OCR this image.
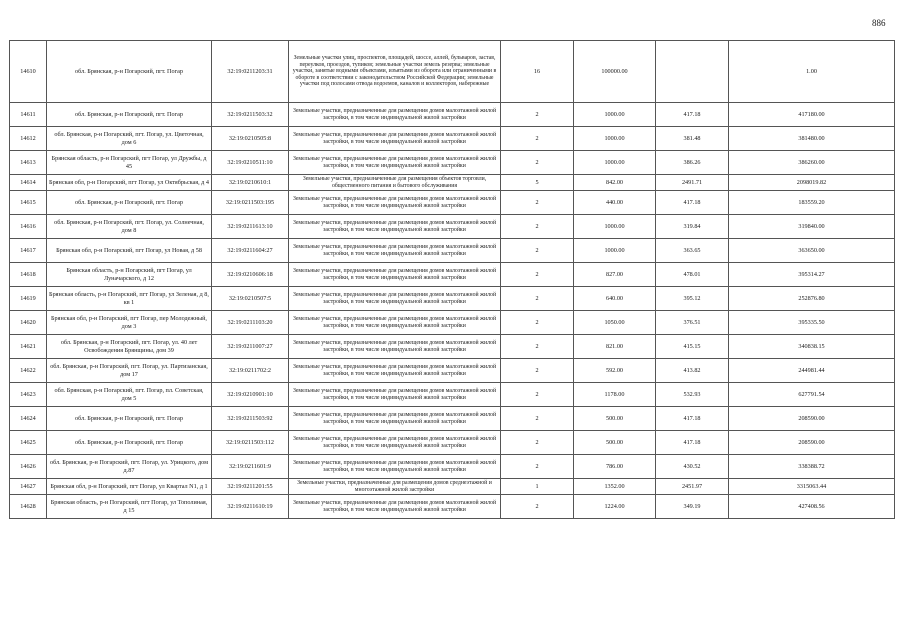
886
14610	обл. Брянская, р-н Погарский, пгт. Погар	32:19:0211203:31	Земельные участки улиц, проспектов, площадей, шоссе, аллей, бульваров, застав, переулков, проездов, тупиков; земельные участки земель резерва; земельные участки, занятые водными объектами, изъятыми из оборота или ограниченными в обороте в соответствии с законодательством Российской Федерации; земельные участки под полосами отвода водоемов, каналов и коллекторов, набережные	16	100000.00		1.00
14611	обл. Брянская, р-н Погарский, пгт. Погар	32:19:0211503:32	Земельные участки, предназначенные для размещения домов малоэтажной жилой застройки, в том числе индивидуальной жилой застройки	2	1000.00	417.18	417180.00
14612	обл. Брянская, р-н Погарский, пгт. Погар, ул. Цветочная, дом 6	32:19:0210505:8	Земельные участки, предназначенные для размещения домов малоэтажной жилой застройки, в том числе индивидуальной жилой застройки	2	1000.00	381.48	381480.00
14613	Брянская область, р-н Погарский, пгт Погар, ул Дружбы, д 45	32:19:0210511:10	Земельные участки, предназначенные для размещения домов малоэтажной жилой застройки, в том числе индивидуальной жилой застройки	2	1000.00	386.26	386260.00
14614	Брянская обл, р-н Погарский, пгт Погар, ул Октябрьская, д 4	32:19:0210610:1	Земельные участки, предназначенные для размещения объектов торговли, общественного питания и бытового обслуживания	5	842.00	2491.71	2098019.82
14615	обл. Брянская, р-н Погарский, пгт. Погар	32:19:0211503:195	Земельные участки, предназначенные для размещения домов малоэтажной жилой застройки, в том числе индивидуальной жилой застройки	2	440.00	417.18	183559.20
14616	обл. Брянская, р-н Погарский, пгт. Погар, ул. Солнечная, дом 8	32:19:0211613:10	Земельные участки, предназначенные для размещения домов малоэтажной жилой застройки, в том числе индивидуальной жилой застройки	2	1000.00	319.84	319840.00
14617	Брянская обл, р-н Погарский, пгт Погар, ул Новая, д 58	32:19:0211604:27	Земельные участки, предназначенные для размещения домов малоэтажной жилой застройки, в том числе индивидуальной жилой застройки	2	1000.00	363.65	363650.00
14618	Брянская область, р-н Погарский, пгт Погар, ул Луначарского, д 12	32:19:0210606:18	Земельные участки, предназначенные для размещения домов малоэтажной жилой застройки, в том числе индивидуальной жилой застройки	2	827.00	478.01	395314.27
14619	Брянская область, р-н Погарский, пгт Погар, ул Зеленая, д 8, кв 1	32:19:0210507:5	Земельные участки, предназначенные для размещения домов малоэтажной жилой застройки, в том числе индивидуальной жилой застройки	2	640.00	395.12	252876.80
14620	Брянская обл, р-н Погарский, пгт Погар, пер Молодежный, дом 3	32:19:0211103:20	Земельные участки, предназначенные для размещения домов малоэтажной жилой застройки, в том числе индивидуальной жилой застройки	2	1050.00	376.51	395335.50
14621	обл. Брянская, р-н Погарский, пгт. Погар, ул. 40 лет Освобождения Брянщины, дом 39	32:19:0211007:27	Земельные участки, предназначенные для размещения домов малоэтажной жилой застройки, в том числе индивидуальной жилой застройки	2	821.00	415.15	340838.15
14622	обл. Брянская, р-н Погарский, пгт. Погар, ул. Партизанская, дом 17	32:19:0211702:2	Земельные участки, предназначенные для размещения домов малоэтажной жилой застройки, в том числе индивидуальной жилой застройки	2	592.00	413.82	244981.44
14623	обл. Брянская, р-н Погарский, пгт. Погар, пл. Советская, дом 5	32:19:0210901:10	Земельные участки, предназначенные для размещения домов малоэтажной жилой застройки, в том числе индивидуальной жилой застройки	2	1178.00	532.93	627791.54
14624	обл. Брянская, р-н Погарский, пгт. Погар	32:19:0211503:92	Земельные участки, предназначенные для размещения домов малоэтажной жилой застройки, в том числе индивидуальной жилой застройки	2	500.00	417.18	208590.00
14625	обл. Брянская, р-н Погарский, пгт. Погар	32:19:0211503:112	Земельные участки, предназначенные для размещения домов малоэтажной жилой застройки, в том числе индивидуальной жилой застройки	2	500.00	417.18	208590.00
14626	обл. Брянская, р-н Погарский, пгт. Погар, ул. Урицкого, дом д.87	32:19:0211601:9	Земельные участки, предназначенные для размещения домов малоэтажной жилой застройки, в том числе индивидуальной жилой застройки	2	786.00	430.52	338388.72
14627	Брянская обл, р-н Погарский, пгт Погар, ул Квартал N1, д 1	32:19:0211201:55	Земельные участки, предназначенные для размещения домов среднеэтажной и многоэтажной жилой застройки	1	1352.00	2451.97	3315063.44
14628	Брянская область, р-н Погарский, пгт Погар, ул Тополиная, д 15	32:19:0211610:19	Земельные участки, предназначенные для размещения домов малоэтажной жилой застройки, в том числе индивидуальной жилой застройки	2	1224.00	349.19	427408.56
